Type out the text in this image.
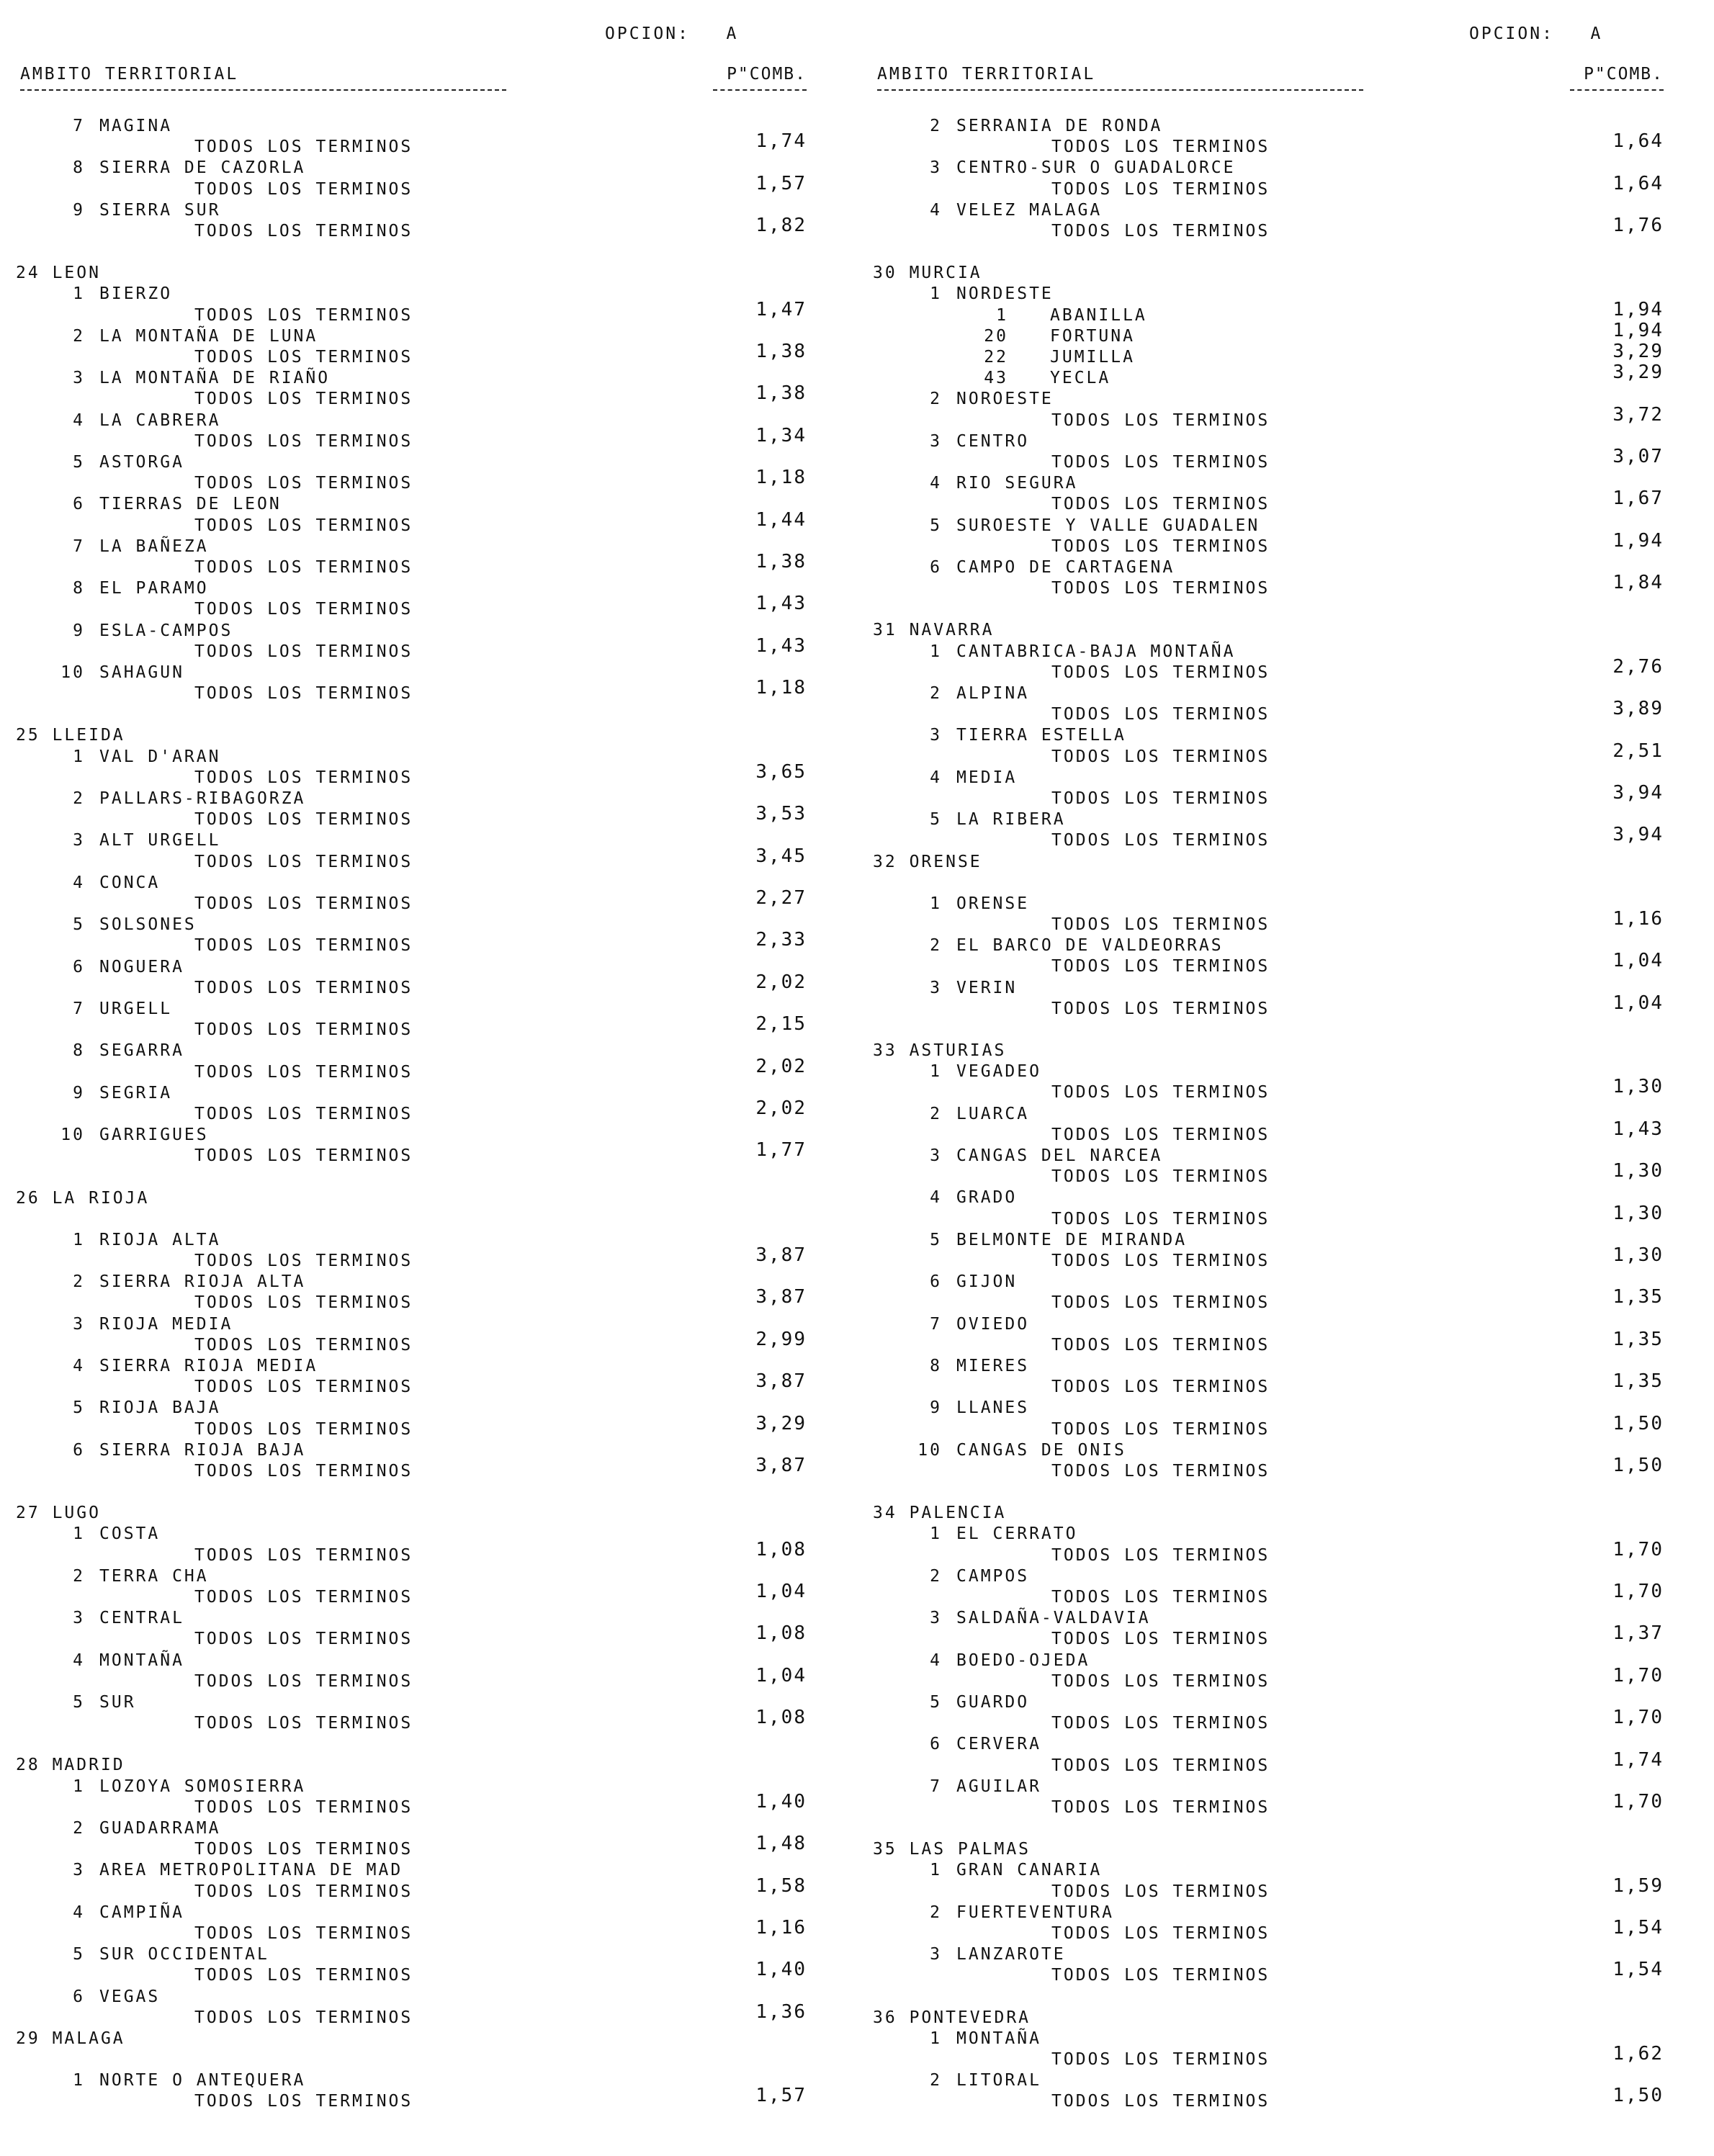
OPCION: A
AMBITO TERRITORIAL	P"COMB.
7 MAGINA
TODOS LOS TERMINOS	1,74
8 SIERRA DE CAZORLA
TODOS LOS TERMINOS	1,57
9 SIERRA SUR
TODOS LOS TERMINOS	1,82
24 LEON
1 BIERZO
TODOS LOS TERMINOS	1,47
2 LA MONTAÑA DE LUNA
TODOS LOS TERMINOS	1,38
3 LA MONTAÑA DE RIAÑO
TODOS LOS TERMINOS	1,38
4 LA CABRERA
TODOS LOS TERMINOS	1,34
5 ASTORGA
TODOS LOS TERMINOS	1,18
6 TIERRAS DE LEON
TODOS LOS TERMINOS	1,44
7 LA BAÑEZA
TODOS LOS TERMINOS	1,38
8 EL PARAMO
TODOS LOS TERMINOS	1,43
9 ESLA-CAMPOS
TODOS LOS TERMINOS	1,43
10 SAHAGUN
TODOS LOS TERMINOS	1,18
25 LLEIDA
1 VAL D'ARAN
TODOS LOS TERMINOS	3,65
2 PALLARS-RIBAGORZA
TODOS LOS TERMINOS	3,53
3 ALT URGELL
TODOS LOS TERMINOS	3,45
4 CONCA
TODOS LOS TERMINOS	2,27
5 SOLSONES
TODOS LOS TERMINOS	2,33
6 NOGUERA
TODOS LOS TERMINOS	2,02
7 URGELL
TODOS LOS TERMINOS	2,15
8 SEGARRA
TODOS LOS TERMINOS	2,02
9 SEGRIA
TODOS LOS TERMINOS	2,02
10 GARRIGUES
TODOS LOS TERMINOS	1,77
26 LA RIOJA
1 RIOJA ALTA
TODOS LOS TERMINOS	3,87
2 SIERRA RIOJA ALTA
TODOS LOS TERMINOS	3,87
3 RIOJA MEDIA
TODOS LOS TERMINOS	2,99
4 SIERRA RIOJA MEDIA
TODOS LOS TERMINOS	3,87
5 RIOJA BAJA
TODOS LOS TERMINOS	3,29
6 SIERRA RIOJA BAJA
TODOS LOS TERMINOS	3,87
27 LUGO
1 COSTA
TODOS LOS TERMINOS	1,08
2 TERRA CHA
TODOS LOS TERMINOS	1,04
3 CENTRAL
TODOS LOS TERMINOS	1,08
4 MONTAÑA
TODOS LOS TERMINOS	1,04
5 SUR
TODOS LOS TERMINOS	1,08
28 MADRID
1 LOZOYA SOMOSIERRA
TODOS LOS TERMINOS	1,40
2 GUADARRAMA
TODOS LOS TERMINOS	1,48
3 AREA METROPOLITANA DE MAD
TODOS LOS TERMINOS	1,58
4 CAMPIÑA
TODOS LOS TERMINOS	1,16
5 SUR OCCIDENTAL
TODOS LOS TERMINOS	1,40
6 VEGAS
TODOS LOS TERMINOS	1,36
29 MALAGA
1 NORTE O ANTEQUERA
TODOS LOS TERMINOS	1,57
OPCION: A
AMBITO TERRITORIAL	P"COMB.
2 SERRANIA DE RONDA
TODOS LOS TERMINOS	1,64
3 CENTRO-SUR O GUADALORCE
TODOS LOS TERMINOS	1,64
4 VELEZ MALAGA
TODOS LOS TERMINOS	1,76
30 MURCIA
1 NORDESTE
1	ABANILLA	1,94
20	FORTUNA	1,94
22	JUMILLA	3,29
43	YECLA	3,29
2 NOROESTE
TODOS LOS TERMINOS	3,72
3 CENTRO
TODOS LOS TERMINOS	3,07
4 RIO SEGURA
TODOS LOS TERMINOS	1,67
5 SUROESTE Y VALLE GUADALEN
TODOS LOS TERMINOS	1,94
6 CAMPO DE CARTAGENA
TODOS LOS TERMINOS	1,84
31 NAVARRA
1 CANTABRICA-BAJA MONTAÑA
TODOS LOS TERMINOS	2,76
2 ALPINA
TODOS LOS TERMINOS	3,89
3 TIERRA ESTELLA
TODOS LOS TERMINOS	2,51
4 MEDIA
TODOS LOS TERMINOS	3,94
5 LA RIBERA
TODOS LOS TERMINOS	3,94
32 ORENSE
1 ORENSE
TODOS LOS TERMINOS	1,16
2 EL BARCO DE VALDEORRAS
TODOS LOS TERMINOS	1,04
3 VERIN
TODOS LOS TERMINOS	1,04
33 ASTURIAS
1 VEGADEO
TODOS LOS TERMINOS	1,30
2 LUARCA
TODOS LOS TERMINOS	1,43
3 CANGAS DEL NARCEA
TODOS LOS TERMINOS	1,30
4 GRADO
TODOS LOS TERMINOS	1,30
5 BELMONTE DE MIRANDA
TODOS LOS TERMINOS	1,30
6 GIJON
TODOS LOS TERMINOS	1,35
7 OVIEDO
TODOS LOS TERMINOS	1,35
8 MIERES
TODOS LOS TERMINOS	1,35
9 LLANES
TODOS LOS TERMINOS	1,50
10 CANGAS DE ONIS
TODOS LOS TERMINOS	1,50
34 PALENCIA
1 EL CERRATO
TODOS LOS TERMINOS	1,70
2 CAMPOS
TODOS LOS TERMINOS	1,70
3 SALDAÑA-VALDAVIA
TODOS LOS TERMINOS	1,37
4 BOEDO-OJEDA
TODOS LOS TERMINOS	1,70
5 GUARDO
TODOS LOS TERMINOS	1,70
6 CERVERA
TODOS LOS TERMINOS	1,74
7 AGUILAR
TODOS LOS TERMINOS	1,70
35 LAS PALMAS
1 GRAN CANARIA
TODOS LOS TERMINOS	1,59
2 FUERTEVENTURA
TODOS LOS TERMINOS	1,54
3 LANZAROTE
TODOS LOS TERMINOS	1,54
36 PONTEVEDRA
1 MONTAÑA
TODOS LOS TERMINOS	1,62
2 LITORAL
TODOS LOS TERMINOS	1,50
